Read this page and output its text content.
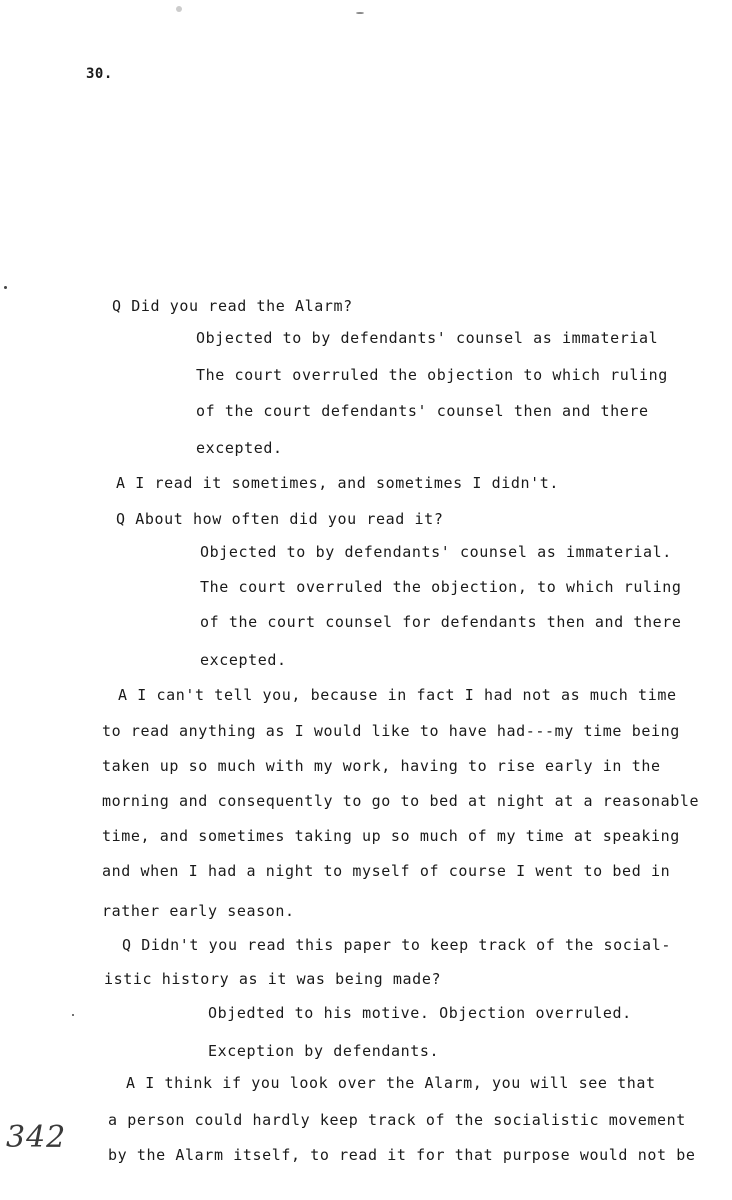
30.
Q Did you read the Alarm?
Objected to by defendants' counsel as immaterial
The court overruled the objection to which ruling
of the court defendants' counsel then and there
excepted.
A I read it sometimes, and sometimes I didn't.
Q About how often did you read it?
Objected to by defendants' counsel as immaterial.
The court overruled the objection, to which ruling
of the court counsel for defendants then and there
excepted.
A I can't tell you, because in fact I had not as much time
to read anything as I would like to have had---my time being
taken up so much with my work, having to rise early in the
morning and consequently to go to bed at night at a reasonable
time, and sometimes taking up so much of my time at speaking
and when I had a night to myself of course I went to bed in
rather early season.
Q Didn't you read this paper to keep track of the social-
istic history as it was being made?
Objedted to his motive. Objection overruled.
Exception by defendants.
A I think if you look over the Alarm, you will see that
a person could hardly keep track of the socialistic movement
by the Alarm itself, to read it for that purpose would not be
342
